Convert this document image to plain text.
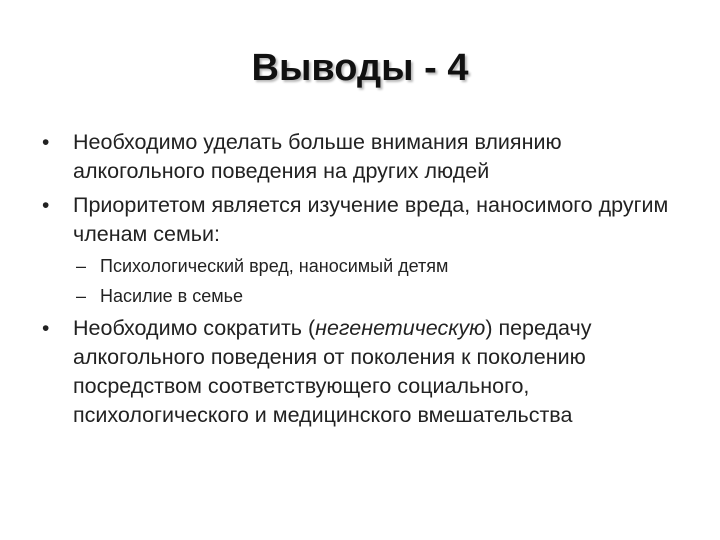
Выводы - 4
•	Необходимо уделать больше внимания влиянию алкогольного поведения на других людей
•	Приоритетом является изучение вреда, наносимого другим членам семьи:
– Психологический вред, наносимый детям
– Насилие в семье
•	Необходимо сократить (негенетическую) передачу алкогольного поведения от поколения к поколению посредством соответствующего социального, психологического и медицинского вмешательства
